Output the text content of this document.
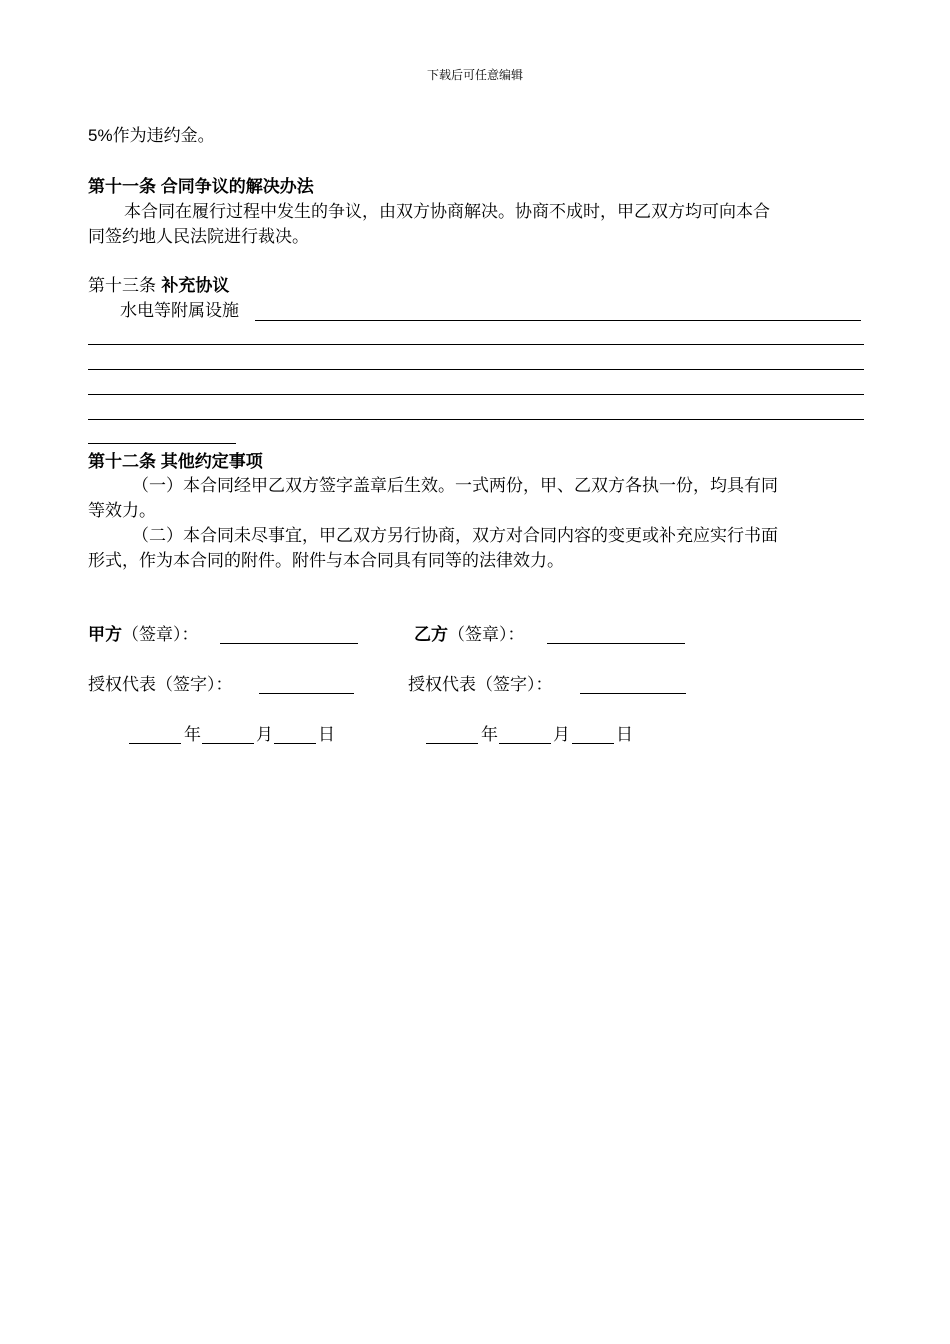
下载后可任意编辑
5%作为违约金。
第十一条 合同争议的解决办法
本合同在履行过程中发生的争议，由双方协商解决。协商不成时，甲乙双方均可向本合
同签约地人民法院进行裁决。
第十三条 补充协议
水电等附属设施
第十二条 其他约定事项
（一）本合同经甲乙双方签字盖章后生效。一式两份，甲、乙双方各执一份，均具有同
等效力。
（二）本合同未尽事宜，甲乙双方另行协商，双方对合同内容的变更或补充应实行书面
形式，作为本合同的附件。附件与本合同具有同等的法律效力。
甲方（签章）：	乙方（签章）：
授权代表（签字）：	授权代表（签字）：
年	月	日	年	月	日
